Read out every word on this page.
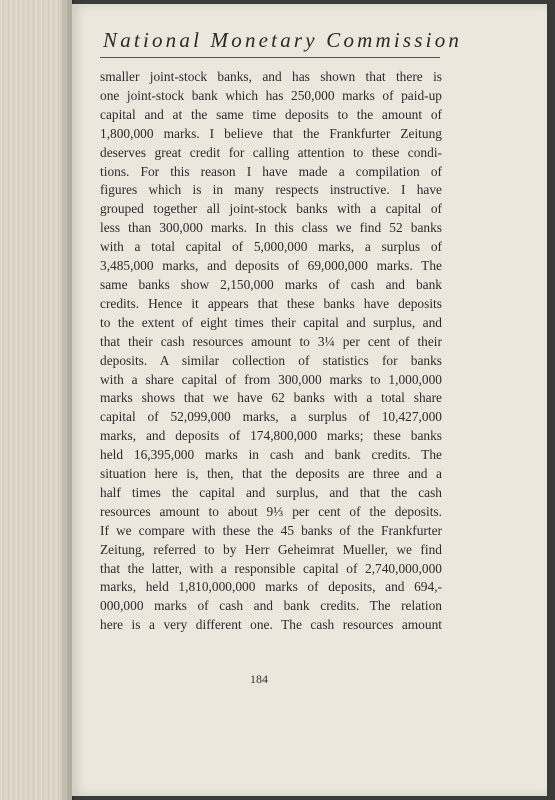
National Monetary Commission
smaller joint-stock banks, and has shown that there is
one joint-stock bank which has 250,000 marks of paid-up
capital and at the same time deposits to the amount of
1,800,000 marks. I believe that the Frankfurter Zeitung
deserves great credit for calling attention to these condi-
tions. For this reason I have made a compilation of
figures which is in many respects instructive. I have
grouped together all joint-stock banks with a capital of
less than 300,000 marks. In this class we find 52 banks
with a total capital of 5,000,000 marks, a surplus of
3,485,000 marks, and deposits of 69,000,000 marks. The
same banks show 2,150,000 marks of cash and bank
credits. Hence it appears that these banks have deposits
to the extent of eight times their capital and surplus, and
that their cash resources amount to 3¼ per cent of their
deposits. A similar collection of statistics for banks
with a share capital of from 300,000 marks to 1,000,000
marks shows that we have 62 banks with a total share
capital of 52,099,000 marks, a surplus of 10,427,000
marks, and deposits of 174,800,000 marks; these banks
held 16,395,000 marks in cash and bank credits. The
situation here is, then, that the deposits are three and a
half times the capital and surplus, and that the cash
resources amount to about 9⅓ per cent of the deposits.
If we compare with these the 45 banks of the Frankfurter
Zeitung, referred to by Herr Geheimrat Mueller, we find
that the latter, with a responsible capital of 2,740,000,000
marks, held 1,810,000,000 marks of deposits, and 694,-
000,000 marks of cash and bank credits. The relation
here is a very different one. The cash resources amount
184
